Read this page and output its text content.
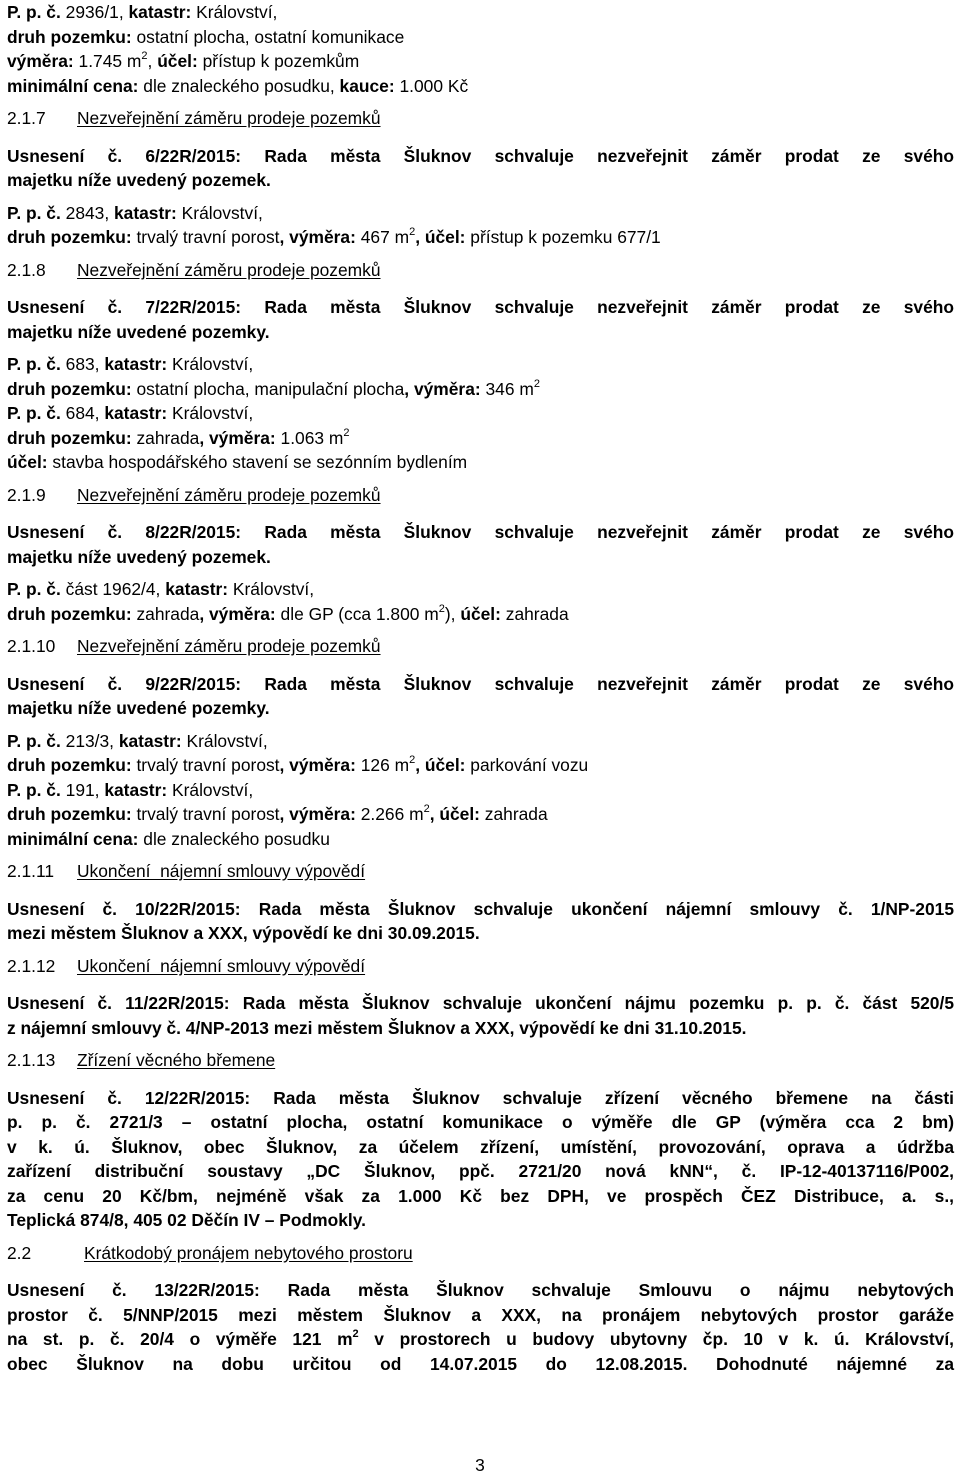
P. p. č. 2936/1, katastr: Království,
druh pozemku: ostatní plocha, ostatní komunikace
výměra: 1.745 $m^2$, účel: přístup k pozemkům
minimální cena: dle znaleckého posudku, kauce: 1.000 Kč
2.1.7	Nezveřejnění záměru prodeje pozemků
Usnesení č. 6/22R/2015: Rada města Šluknov schvaluje nezveřejnit záměr prodat ze svého
majetku níže uvedený pozemek.
P. p. č. 2843, katastr: Království,
druh pozemku: trvalý travní porost, výměra: 467 $m^2$, účel: přístup k pozemku 677/1
2.1.8	Nezveřejnění záměru prodeje pozemků
Usnesení č. 7/22R/2015: Rada města Šluknov schvaluje nezveřejnit záměr prodat ze svého
majetku níže uvedené pozemky.
P. p. č. 683, katastr: Království,
druh pozemku: ostatní plocha, manipulační plocha, výměra: 346 $m^2$
P. p. č. 684, katastr: Království,
druh pozemku: zahrada, výměra: 1.063 $m^2$
účel: stavba hospodářského stavení se sezónním bydlením
2.1.9	Nezveřejnění záměru prodeje pozemků
Usnesení č. 8/22R/2015: Rada města Šluknov schvaluje nezveřejnit záměr prodat ze svého
majetku níže uvedený pozemek.
P. p. č. část 1962/4, katastr: Království,
druh pozemku: zahrada, výměra: dle GP (cca 1.800 $m^2$), účel: zahrada
2.1.10	Nezveřejnění záměru prodeje pozemků
Usnesení č. 9/22R/2015: Rada města Šluknov schvaluje nezveřejnit záměr prodat ze svého
majetku níže uvedené pozemky.
P. p. č. 213/3, katastr: Království,
druh pozemku: trvalý travní porost, výměra: 126 $m^2$, účel: parkování vozu
P. p. č. 191, katastr: Království,
druh pozemku: trvalý travní porost, výměra: 2.266 $m^2$, účel: zahrada
minimální cena: dle znaleckého posudku
2.1.11	Ukončení  nájemní smlouvy výpovědí
Usnesení č. 10/22R/2015: Rada města Šluknov schvaluje ukončení nájemní smlouvy č. 1/NP-2015
mezi městem Šluknov a XXX, výpovědí ke dni 30.09.2015.
2.1.12	Ukončení  nájemní smlouvy výpovědí
Usnesení č. 11/22R/2015: Rada města Šluknov schvaluje ukončení nájmu pozemku p. p. č. část 520/5
z nájemní smlouvy č. 4/NP-2013 mezi městem Šluknov a XXX, výpovědí ke dni 31.10.2015.
2.1.13	Zřízení věcného břemene
Usnesení č. 12/22R/2015: Rada města Šluknov schvaluje zřízení věcného břemene na části
p. p. č. 2721/3 – ostatní plocha, ostatní komunikace o výměře dle GP (výměra cca 2 bm)
v k. ú. Šluknov, obec Šluknov, za účelem zřízení, umístění, provozování, oprava a údržba
zařízení distribuční soustavy „DC Šluknov, ppč. 2721/20 nová kNN“, č. IP-12-40137116/P002,
za cenu 20 Kč/bm, nejméně však za 1.000 Kč bez DPH, ve prospěch ČEZ Distribuce, a. s.,
Teplická 874/8, 405 02 Děčín IV – Podmokly.
2.2	Krátkodobý pronájem nebytového prostoru
Usnesení č. 13/22R/2015: Rada města Šluknov schvaluje Smlouvu o nájmu nebytových
prostor č. 5/NNP/2015 mezi městem Šluknov a XXX, na pronájem nebytových prostor garáže
na st. p. č. 20/4 o výměře 121 $m^2$ v prostorech u budovy ubytovny čp. 10 v k. ú. Království,
obec Šluknov na dobu určitou od 14.07.2015 do 12.08.2015. Dohodnuté nájemné za
3
